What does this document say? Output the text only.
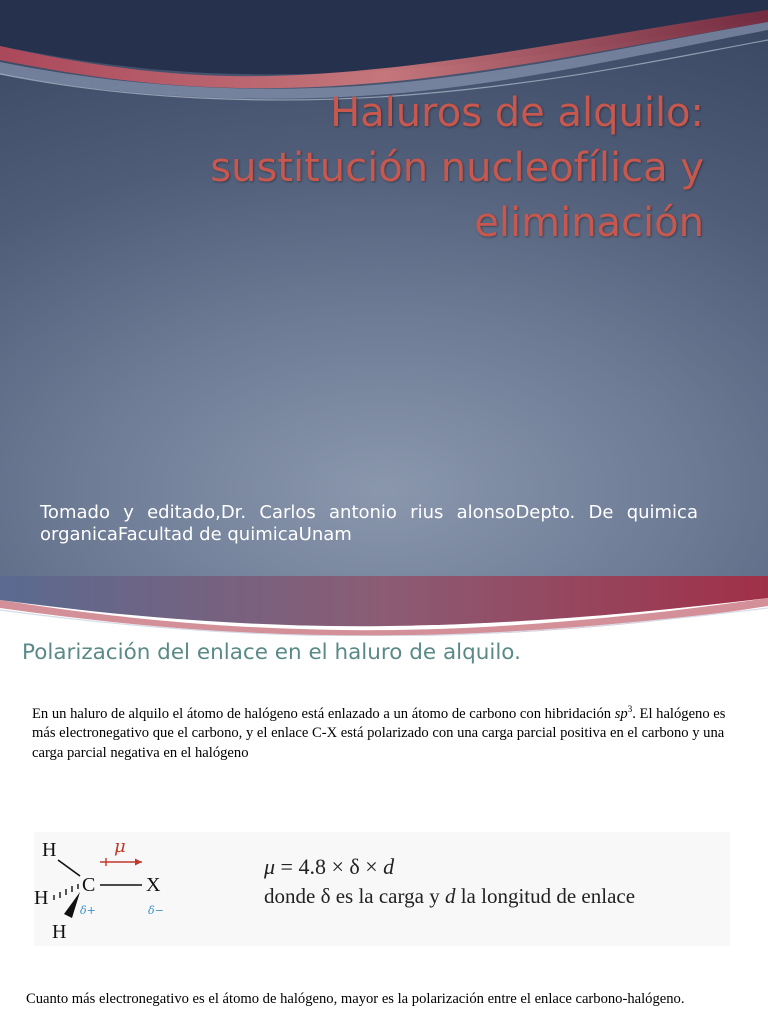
Haluros de alquilo:
sustitución nucleofílica y
eliminación
Tomado y editado,Dr. Carlos antonio rius alonsoDepto. De quimica organicaFacultad de quimicaUnam
Polarización del enlace en el haluro de alquilo.
En un haluro de alquilo el átomo de halógeno está enlazado a un átomo de carbono con hibridación $sp^3$. El halógeno es más electronegativo que el carbono, y el enlace C-X está polarizado con una carga parcial positiva en el carbono y una carga parcial negativa en el halógeno
H
H
H
C	X
μ
δ+	δ−
μ = 4.8 × δ × d
donde δ es la carga y d la longitud de enlace
Cuanto más electronegativo es el átomo de halógeno, mayor es la polarización entre el enlace carbono-halógeno.
